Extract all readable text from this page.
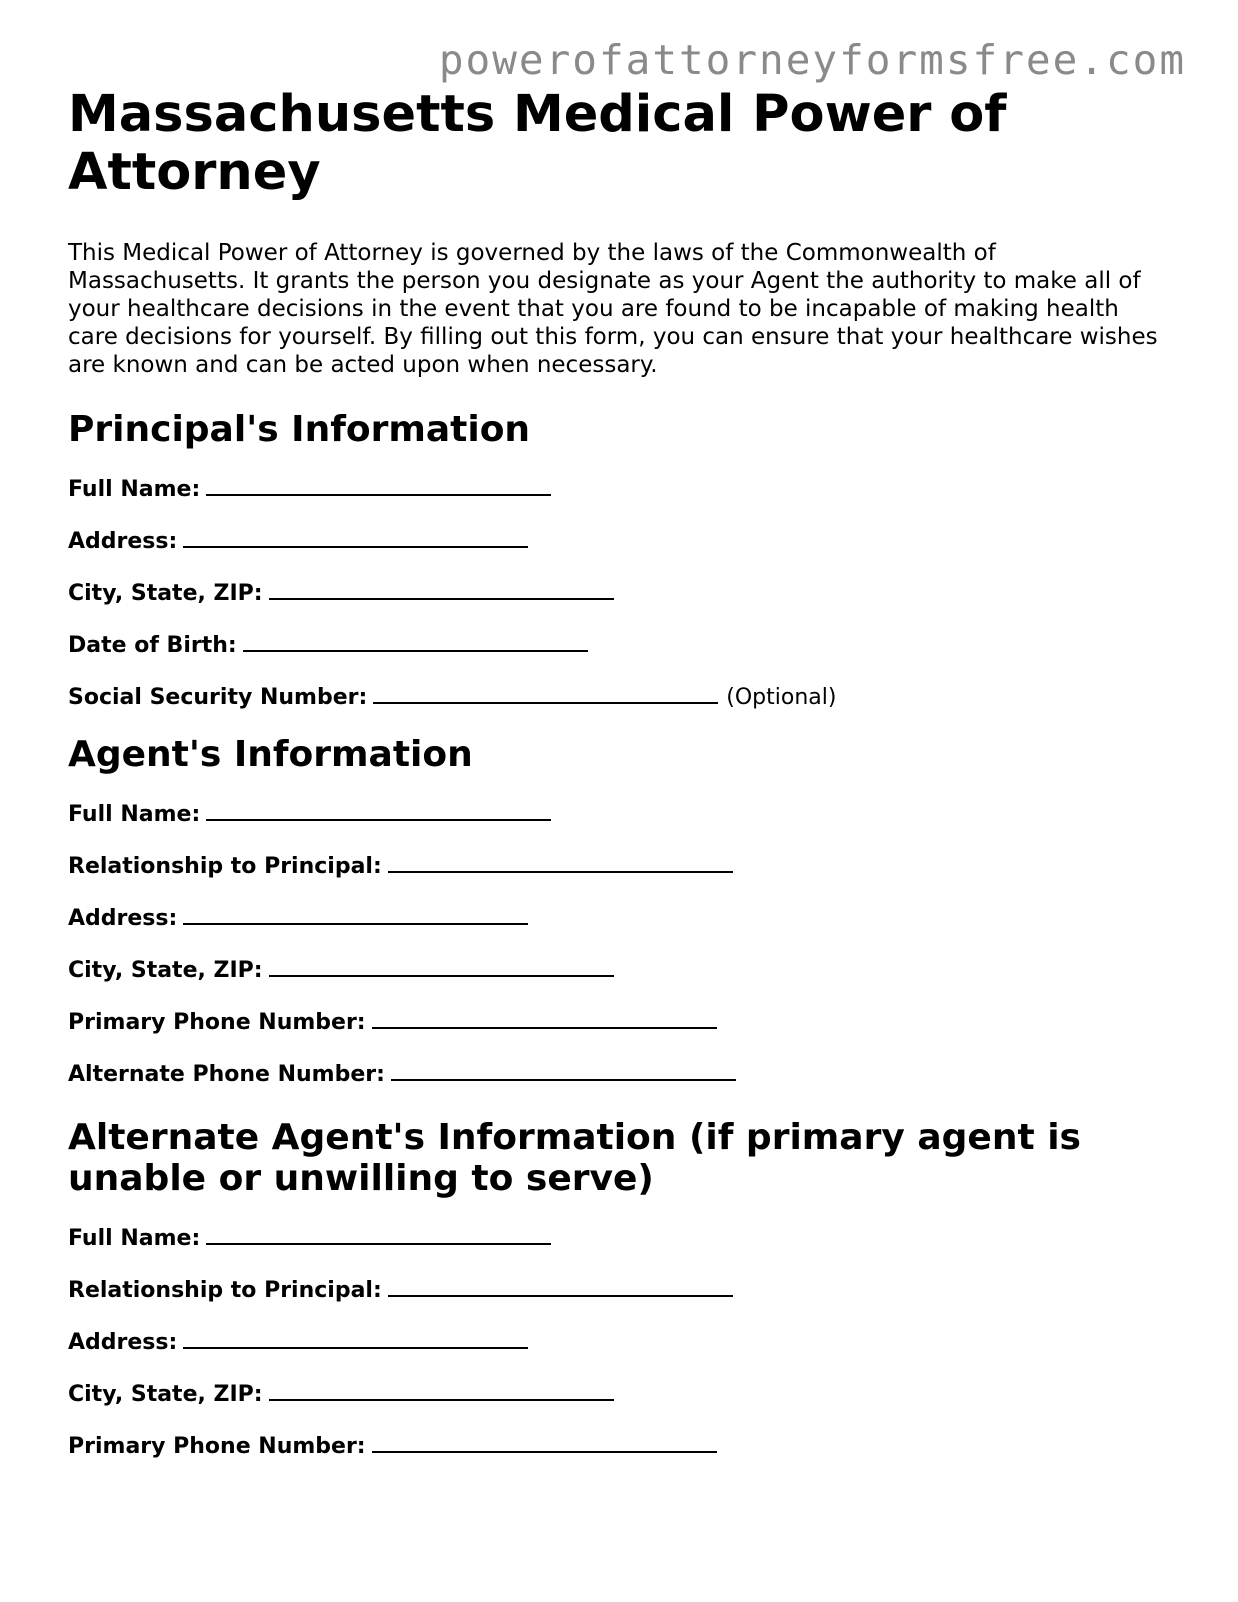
powerofattorneyformsfree.com
Massachusetts Medical Power of Attorney

This Medical Power of Attorney is governed by the laws of the Commonwealth of Massachusetts. It grants the person you designate as your Agent the authority to make all of your healthcare decisions in the event that you are found to be incapable of making health care decisions for yourself. By filling out this form, you can ensure that your healthcare wishes are known and can be acted upon when necessary.

Principal's Information
Full Name:
Address:
City, State, ZIP:
Date of Birth:
Social Security Number:	(Optional)
Agent's Information
Full Name:
Relationship to Principal:
Address:
City, State, ZIP:
Primary Phone Number:
Alternate Phone Number:
Alternate Agent's Information (if primary agent is unable or unwilling to serve)
Full Name:
Relationship to Principal:
Address:
City, State, ZIP:
Primary Phone Number:
